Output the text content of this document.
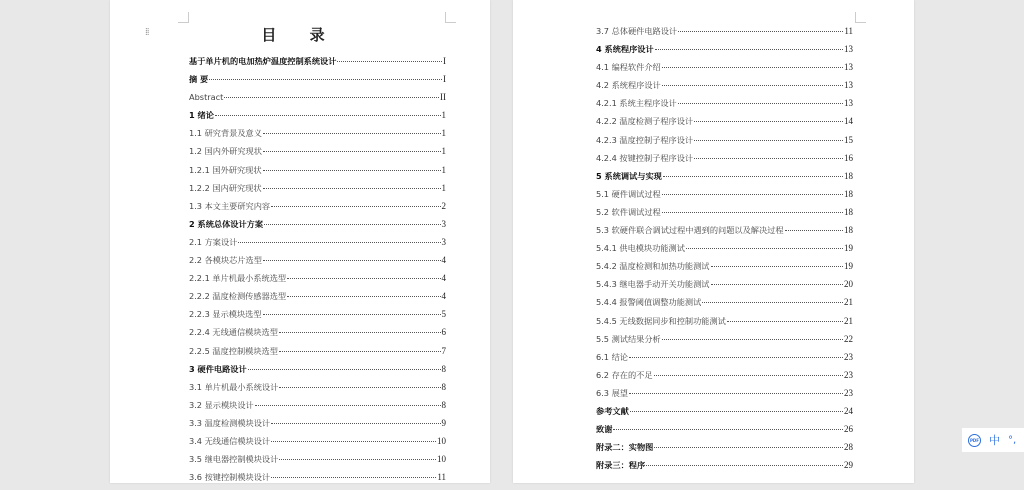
目 录
基于单片机的电加热炉温度控制系统设计	I
摘 要	I
Abstract	II
1 绪论	1
1.1 研究背景及意义	1
1.2 国内外研究现状	1
1.2.1 国外研究现状	1
1.2.2 国内研究现状	1
1.3 本文主要研究内容	2
2 系统总体设计方案	3
2.1 方案设计	3
2.2 各模块芯片选型	4
2.2.1 单片机最小系统选型	4
2.2.2 温度检测传感器选型	4
2.2.3 显示模块选型	5
2.2.4 无线通信模块选型	6
2.2.5 温度控制模块选型	7
3 硬件电路设计	8
3.1 单片机最小系统设计	8
3.2 显示模块设计	8
3.3 温度检测模块设计	9
3.4 无线通信模块设计	10
3.5 继电器控制模块设计	10
3.6 按键控制模块设计	11
⁞⁞	3.7 总体硬件电路设计	11
4 系统程序设计	13
4.1 编程软件介绍	13
4.2 系统程序设计	13
4.2.1 系统主程序设计	13
4.2.2 温度检测子程序设计	14
4.2.3 温度控制子程序设计	15
4.2.4 按键控制子程序设计	16
5 系统调试与实现	18
5.1 硬件调试过程	18
5.2 软件调试过程	18
5.3 软硬件联合调试过程中遇到的问题以及解决过程	18
5.4.1 供电模块功能测试	19
5.4.2 温度检测和加热功能测试	19
5.4.3 继电器手动开关功能测试	20
5.4.4 报警阈值调整功能测试	21
5.4.5 无线数据同步和控制功能测试	21
5.5 测试结果分析	22
6.1 结论	23
6.2 存在的不足	23
6.3 展望	23
参考文献	24
致谢	26
附录二：实物图	28
附录三：程序	29
PDF 中 °,
